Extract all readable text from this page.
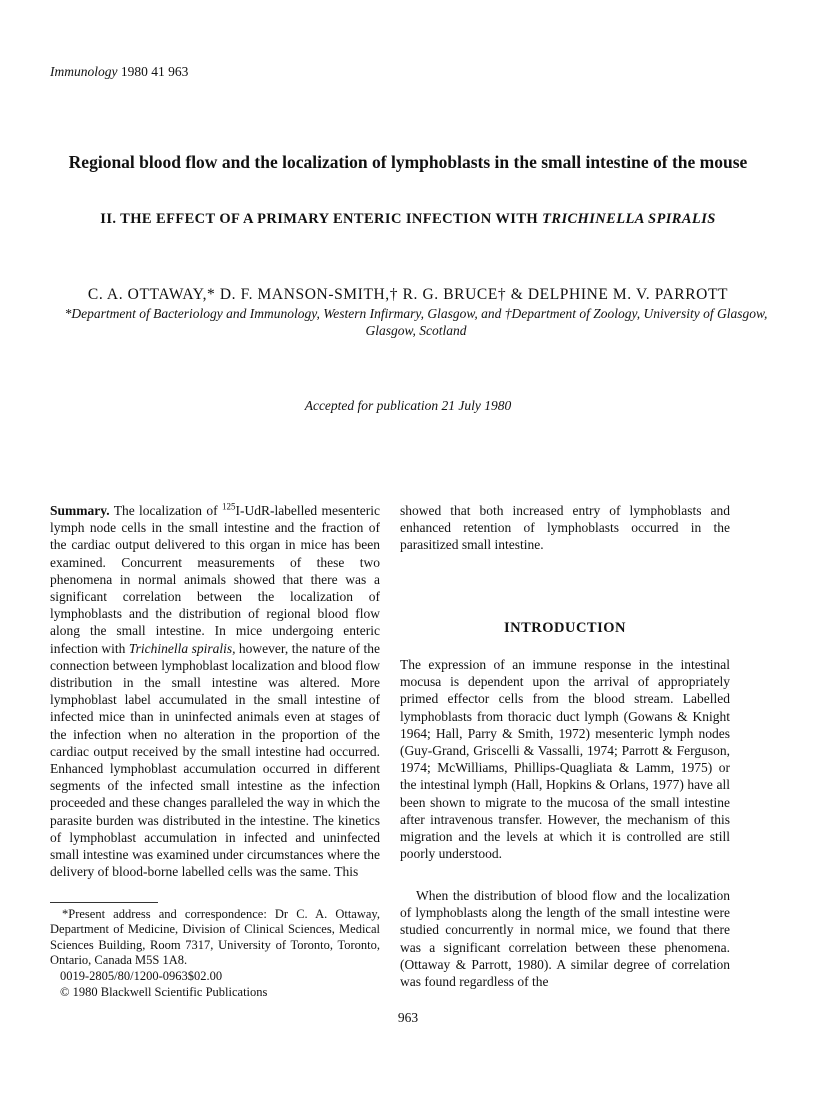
Immunology 1980 41 963
Regional blood flow and the localization of lymphoblasts in the small intestine of the mouse
II. THE EFFECT OF A PRIMARY ENTERIC INFECTION WITH TRICHINELLA SPIRALIS
C. A. OTTAWAY,* D. F. MANSON-SMITH,† R. G. BRUCE† & DELPHINE M. V. PARROTT
*Department of Bacteriology and Immunology, Western Infirmary, Glasgow, and †Department of Zoology, University of Glasgow, Glasgow, Scotland
Accepted for publication 21 July 1980

Summary. The localization of $^{125}$I-UdR-labelled mesenteric lymph node cells in the small intestine and the fraction of the cardiac output delivered to this organ in mice has been examined. Concurrent measurements of these two phenomena in normal animals showed that there was a significant correlation between the localization of lymphoblasts and the distribution of regional blood flow along the small intestine. In mice undergoing enteric infection with Trichinella spiralis, however, the nature of the connection between lymphoblast localization and blood flow distribution in the small intestine was altered. More lymphoblast label accumulated in the small intestine of infected mice than in uninfected animals even at stages of the infection when no alteration in the proportion of the cardiac output received by the small intestine had occurred. Enhanced lymphoblast accumulation occurred in different segments of the infected small intestine as the infection proceeded and these changes paralleled the way in which the parasite burden was distributed in the intestine. The kinetics of lymphoblast accumulation in infected and uninfected small intestine was examined under circumstances where the delivery of blood-borne labelled cells was the same. This

INTRODUCTION
The expression of an immune response in the intestinal mocusa is dependent upon the arrival of appropriately primed effector cells from the blood stream. Labelled lymphoblasts from thoracic duct lymph (Gowans & Knight 1964; Hall, Parry & Smith, 1972) mesenteric lymph nodes (Guy-Grand, Griscelli & Vassalli, 1974; Parrott & Ferguson, 1974; McWilliams, Phillips-Quagliata & Lamm, 1975) or the intestinal lymph (Hall, Hopkins & Orlans, 1977) have all been shown to migrate to the mucosa of the small intestine after intravenous transfer. However, the mechanism of this migration and the levels at which it is controlled are still poorly understood.
When the distribution of blood flow and the localization of lymphoblasts along the length of the small intestine were studied concurrently in normal mice, we found that there was a significant correlation between these phenomena. (Ottaway & Parrott, 1980). A similar degree of correlation was found regardless of the
*Present address and correspondence: Dr C. A. Ottaway, Department of Medicine, Division of Clinical Sciences, Medical Sciences Building, Room 7317, University of Toronto, Toronto, Ontario, Canada M5S 1A8.
0019-2805/80/1200-0963$02.00
© 1980 Blackwell Scientific Publications
963
showed that both increased entry of lymphoblasts and enhanced retention of lymphoblasts occurred in the parasitized small intestine.
